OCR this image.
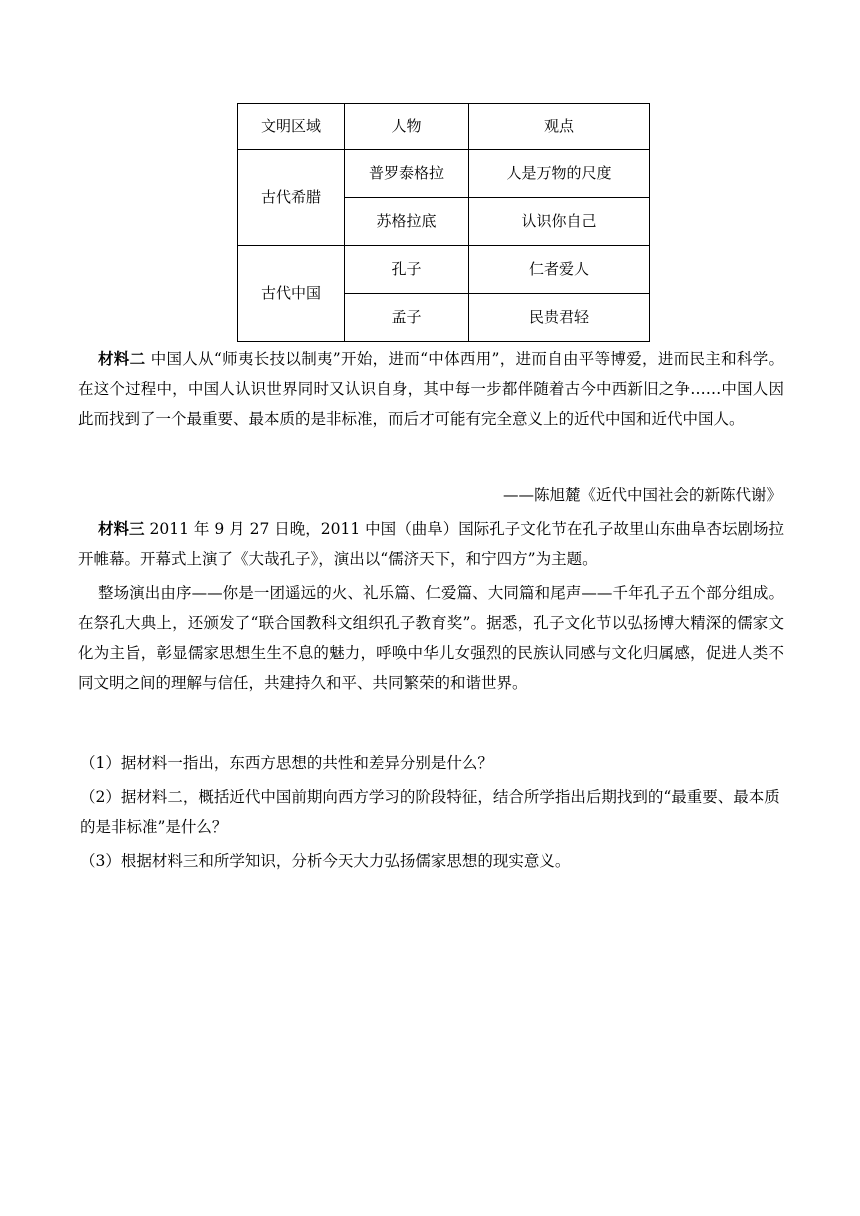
文明区域	人物	观点
古代希腊	普罗泰格拉	人是万物的尺度
	苏格拉底	认识你自己
古代中国	孔子	仁者爱人
	孟子	民贵君轻
材料二 中国人从“师夷长技以制夷”开始，进而“中体西用”，进而自由平等博爱，进而民主和科学。在这个过程中，中国人认识世界同时又认识自身，其中每一步都伴随着古今中西新旧之争……中国人因此而找到了一个最重要、最本质的是非标准，而后才可能有完全意义上的近代中国和近代中国人。
——陈旭麓《近代中国社会的新陈代谢》
材料三 2011 年 9 月 27 日晚，2011 中国（曲阜）国际孔子文化节在孔子故里山东曲阜杏坛剧场拉开帷幕。开幕式上演了《大哉孔子》，演出以“儒济天下，和宁四方”为主题。
整场演出由序——你是一团遥远的火、礼乐篇、仁爱篇、大同篇和尾声——千年孔子五个部分组成。在祭孔大典上，还颁发了“联合国教科文组织孔子教育奖”。据悉，孔子文化节以弘扬博大精深的儒家文化为主旨，彰显儒家思想生生不息的魅力，呼唤中华儿女强烈的民族认同感与文化归属感，促进人类不同文明之间的理解与信任，共建持久和平、共同繁荣的和谐世界。
（1）据材料一指出，东西方思想的共性和差异分别是什么？
（2）据材料二，概括近代中国前期向西方学习的阶段特征，结合所学指出后期找到的“最重要、最本质的是非标准”是什么？
（3）根据材料三和所学知识，分析今天大力弘扬儒家思想的现实意义。
